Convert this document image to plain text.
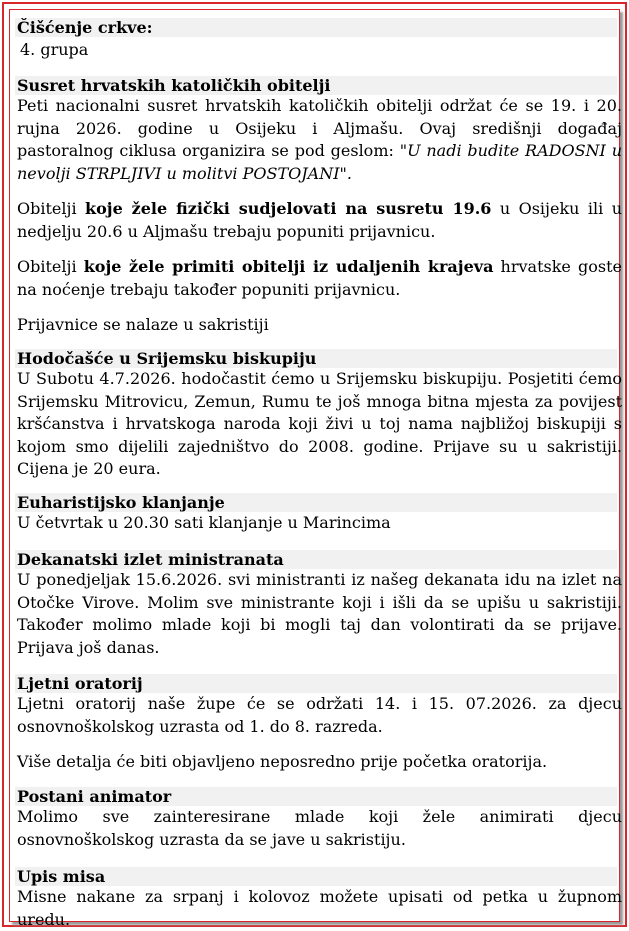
Čišćenje crkve:
4. grupa
Susret hrvatskih katoličkih obitelji

Peti nacionalni susret hrvatskih katoličkih obitelji održat će se 19. i 20. rujna 2026. godine u Osijeku i Aljmašu. Ovaj središnji događaj pastoralnog ciklusa organizira se pod geslom: "U nadi budite RADOSNI u nevolji STRPLJIVI u molitvi POSTOJANI".

Obitelji koje žele fizički sudjelovati na susretu 19.6 u Osijeku ili u nedjelju 20.6 u Aljmašu trebaju popuniti prijavnicu.

Obitelji koje žele primiti obitelji iz udaljenih krajeva hrvatske goste na noćenje trebaju također popuniti prijavnicu.

Prijavnice se nalaze u sakristiji

Hodočašće u Srijemsku biskupiju

U Subotu 4.7.2026. hodočastit ćemo u Srijemsku biskupiju. Posjetiti ćemo Srijemsku Mitrovicu, Zemun, Rumu te još mnoga bitna mjesta za povijest kršćanstva i hrvatskoga naroda koji živi u toj nama najbližoj biskupiji s kojom smo dijelili zajedništvo do 2008. godine. Prijave su u sakristiji. Cijena je 20 eura.

Euharistijsko klanjanje

U četvrtak u 20.30 sati klanjanje u Marincima

Dekanatski izlet ministranata

U ponedjeljak 15.6.2026. svi ministranti iz našeg dekanata idu na izlet na Otočke Virove. Molim sve ministrante koji i išli da se upišu u sakristiji. Također molimo mlade koji bi mogli taj dan volontirati da se prijave. Prijava još danas.

Ljetni oratorij

Ljetni oratorij naše župe će se održati 14. i 15. 07.2026. za djecu osnovnoškolskog uzrasta od 1. do 8. razreda.

Više detalja će biti objavljeno neposredno prije početka oratorija.

Postani animator

Molimo sve zainteresirane mlade koji žele animirati djecu osnovnoškolskog uzrasta da se jave u sakristiju.

Upis misa

Misne nakane za srpanj i kolovoz možete upisati od petka u župnom uredu.
